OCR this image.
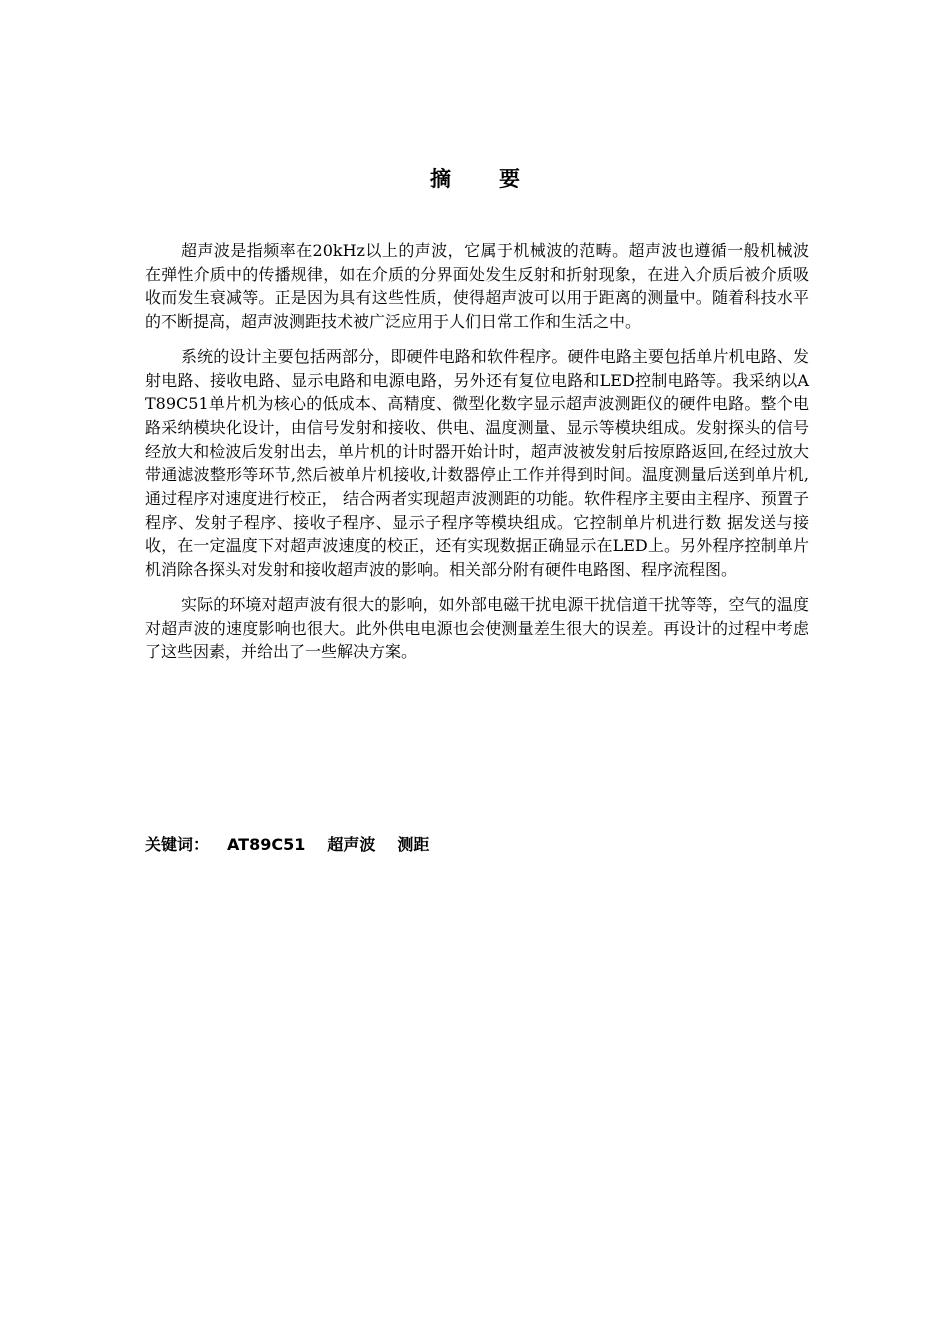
摘 要

超声波是指频率在20kHz以上的声波，它属于机械波的范畴。超声波也遵循一般机械波在弹性介质中的传播规律，如在介质的分界面处发生反射和折射现象，在进入介质后被介质吸收而发生衰减等。正是因为具有这些性质，使得超声波可以用于距离的测量中。随着科技水平的不断提高，超声波测距技术被广泛应用于人们日常工作和生活之中。

系统的设计主要包括两部分，即硬件电路和软件程序。硬件电路主要包括单片机电路、发射电路、接收电路、显示电路和电源电路，另外还有复位电路和LED控制电路等。我采纳以AT89C51单片机为核心的低成本、高精度、微型化数字显示超声波测距仪的硬件电路。整个电路采纳模块化设计，由信号发射和接收、供电、温度测量、显示等模块组成。发射探头的信号经放大和检波后发射出去，单片机的计时器开始计时，超声波被发射后按原路返回,在经过放大带通滤波整形等环节,然后被单片机接收,计数器停止工作并得到时间。温度测量后送到单片机,通过程序对速度进行校正， 结合两者实现超声波测距的功能。软件程序主要由主程序、预置子程序、发射子程序、接收子程序、显示子程序等模块组成。它控制单片机进行数 据发送与接收，在一定温度下对超声波速度的校正，还有实现数据正确显示在LED上。另外程序控制单片机消除各探头对发射和接收超声波的影响。相关部分附有硬件电路图、程序流程图。

实际的环境对超声波有很大的影响，如外部电磁干扰电源干扰信道干扰等等，空气的温度对超声波的速度影响也很大。此外供电电源也会使测量差生很大的误差。再设计的过程中考虑了这些因素，并给出了一些解决方案。

关键词： AT89C51 超声波 测距
